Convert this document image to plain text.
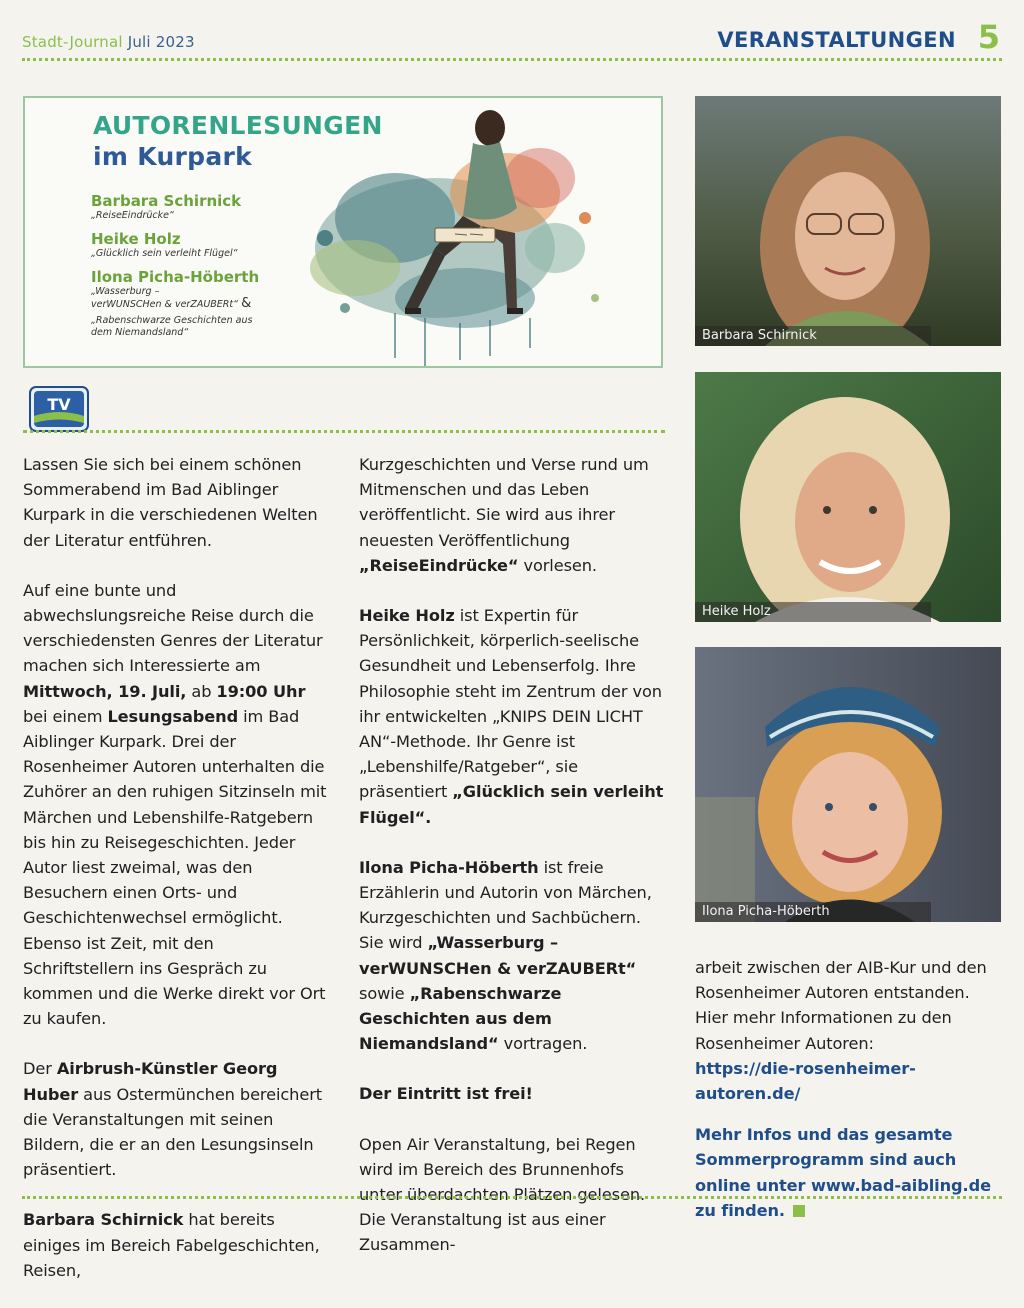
Stadt-Journal Juli 2023	VERANSTALTUNGEN 5
AUTORENLESUNGEN
im Kurpark
Barbara Schirnick
„ReiseEindrücke“
Heike Holz
„Glücklich sein verleiht Flügel“
Ilona Picha-Höberth
„Wasserburg –
verWUNSCHen & verZAUBERt“ &
„Rabenschwarze Geschichten aus
dem Niemandsland“
TV

Lassen Sie sich bei einem schönen Sommerabend im Bad Aiblinger Kurpark in die verschiedenen Welten der Literatur entführen.

Auf eine bunte und abwechslungsreiche Reise durch die verschiedensten Genres der Literatur machen sich Interessierte am Mittwoch, 19. Juli, ab 19:00 Uhr bei einem Lesungsabend im Bad Aiblinger Kurpark. Drei der Rosenheimer Autoren unterhalten die Zuhörer an den ruhigen Sitzinseln mit Märchen und Lebenshilfe-Ratgebern bis hin zu Reisegeschichten. Jeder Autor liest zweimal, was den Besuchern einen Orts- und Geschichtenwechsel ermöglicht. Ebenso ist Zeit, mit den Schriftstellern ins Gespräch zu kommen und die Werke direkt vor Ort zu kaufen.

Der Airbrush-Künstler Georg Huber aus Ostermünchen bereichert die Veranstaltungen mit seinen Bildern, die er an den Lesungsinseln präsentiert.

Barbara Schirnick hat bereits einiges im Bereich Fabelgeschichten, Reisen,

Kurzgeschichten und Verse rund um Mitmenschen und das Leben veröffentlicht. Sie wird aus ihrer neuesten Veröffentlichung „ReiseEindrücke“ vorlesen.

Heike Holz ist Expertin für Persönlichkeit, körperlich-seelische Gesundheit und Lebenserfolg. Ihre Philosophie steht im Zentrum der von ihr entwickelten „KNIPS DEIN LICHT AN“-Methode. Ihr Genre ist „Lebenshilfe/Ratgeber“, sie präsentiert „Glücklich sein verleiht Flügel“.

Ilona Picha-Höberth ist freie Erzählerin und Autorin von Märchen, Kurzgeschichten und Sachbüchern. Sie wird „Wasserburg – verWUNSCHen & verZAUBERt“ sowie „Rabenschwarze Geschichten aus dem Niemandsland“ vortragen.

Der Eintritt ist frei!

Open Air Veranstaltung, bei Regen wird im Bereich des Brunnenhofs unter überdachten Plätzen gelesen. Die Veranstaltung ist aus einer Zusammen-

Barbara Schirnick
Heike Holz
Ilona Picha-Höberth

arbeit zwischen der AIB-Kur und den Rosenheimer Autoren entstanden. Hier mehr Informationen zu den Rosenheimer Autoren:
https://die-rosenheimer-autoren.de/

Mehr Infos und das gesamte Sommerprogramm sind auch online unter www.bad-aibling.de zu finden.
